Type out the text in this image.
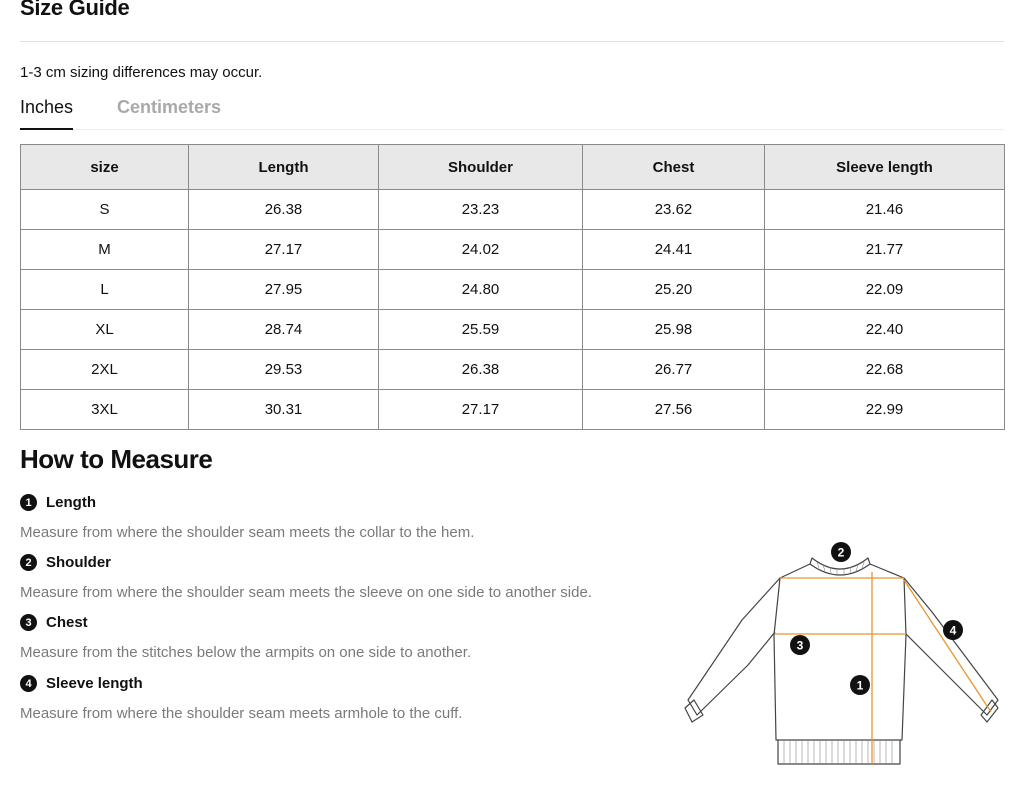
Size Guide
1-3 cm sizing differences may occur.
Inches Centimeters
size	Length	Shoulder	Chest	Sleeve length
S	26.38	23.23	23.62	21.46
M	27.17	24.02	24.41	21.77
L	27.95	24.80	25.20	22.09
XL	28.74	25.59	25.98	22.40
2XL	29.53	26.38	26.77	22.68
3XL	30.31	27.17	27.56	22.99
How to Measure
1 Length
Measure from where the shoulder seam meets the collar to the hem.
2 Shoulder
Measure from where the shoulder seam meets the sleeve on one side to another side.
3 Chest
Measure from the stitches below the armpits on one side to another.
4 Sleeve length
Measure from where the shoulder seam meets armhole to the cuff.
1
2
3
4
